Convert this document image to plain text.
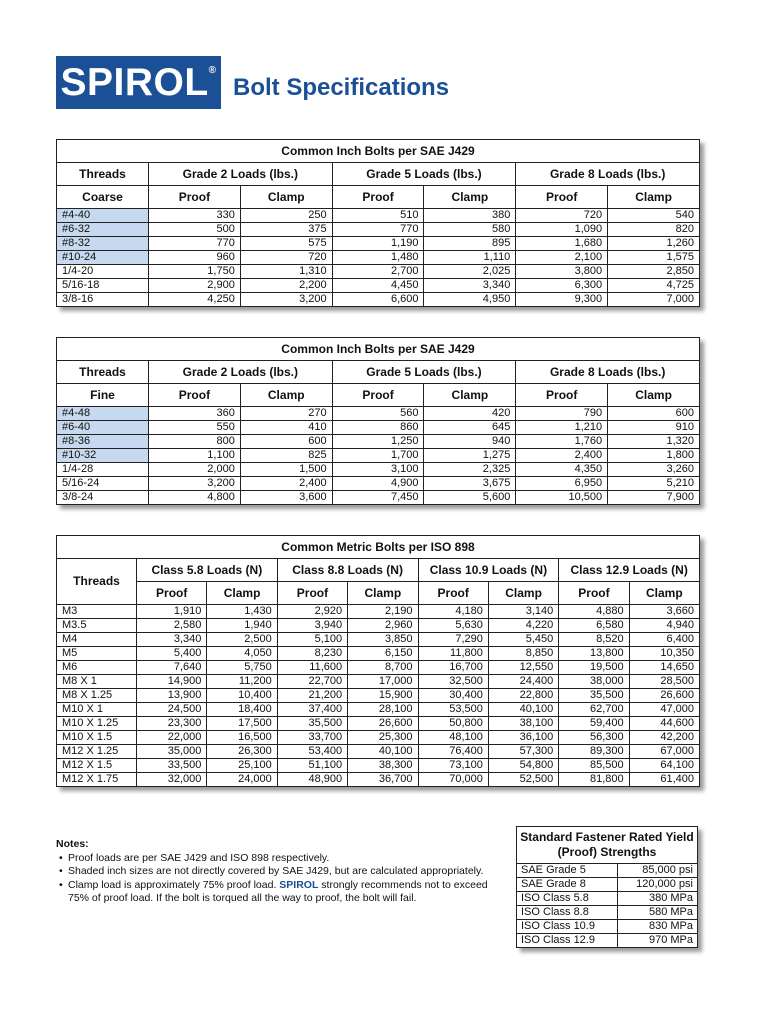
SPIROL®
Bolt Specifications
Common Inch Bolts per SAE J429						
Threads	Grade 2 Loads (lbs.)		Grade 5 Loads (lbs.)		Grade 8 Loads (lbs.)	
Coarse	Proof	Clamp	Proof	Clamp	Proof	Clamp
#4-40	330	250	510	380	720	540
#6-32	500	375	770	580	1,090	820
#8-32	770	575	1,190	895	1,680	1,260
#10-24	960	720	1,480	1,110	2,100	1,575
1/4-20	1,750	1,310	2,700	2,025	3,800	2,850
5/16-18	2,900	2,200	4,450	3,340	6,300	4,725
3/8-16	4,250	3,200	6,600	4,950	9,300	7,000
Common Inch Bolts per SAE J429						
Threads	Grade 2 Loads (lbs.)		Grade 5 Loads (lbs.)		Grade 8 Loads (lbs.)	
Fine	Proof	Clamp	Proof	Clamp	Proof	Clamp
#4-48	360	270	560	420	790	600
#6-40	550	410	860	645	1,210	910
#8-36	800	600	1,250	940	1,760	1,320
#10-32	1,100	825	1,700	1,275	2,400	1,800
1/4-28	2,000	1,500	3,100	2,325	4,350	3,260
5/16-24	3,200	2,400	4,900	3,675	6,950	5,210
3/8-24	4,800	3,600	7,450	5,600	10,500	7,900
Common Metric Bolts per ISO 898								
Threads	Class 5.8 Loads (N)		Class 8.8 Loads (N)		Class 10.9 Loads (N)		Class 12.9 Loads (N)	
	Proof	Clamp	Proof	Clamp	Proof	Clamp	Proof	Clamp
M3	1,910	1,430	2,920	2,190	4,180	3,140	4,880	3,660
M3.5	2,580	1,940	3,940	2,960	5,630	4,220	6,580	4,940
M4	3,340	2,500	5,100	3,850	7,290	5,450	8,520	6,400
M5	5,400	4,050	8,230	6,150	11,800	8,850	13,800	10,350
M6	7,640	5,750	11,600	8,700	16,700	12,550	19,500	14,650
M8 X 1	14,900	11,200	22,700	17,000	32,500	24,400	38,000	28,500
M8 X 1.25	13,900	10,400	21,200	15,900	30,400	22,800	35,500	26,600
M10 X 1	24,500	18,400	37,400	28,100	53,500	40,100	62,700	47,000
M10 X 1.25	23,300	17,500	35,500	26,600	50,800	38,100	59,400	44,600
M10 X 1.5	22,000	16,500	33,700	25,300	48,100	36,100	56,300	42,200
M12 X 1.25	35,000	26,300	53,400	40,100	76,400	57,300	89,300	67,000
M12 X 1.5	33,500	25,100	51,100	38,300	73,100	54,800	85,500	64,100
M12 X 1.75	32,000	24,000	48,900	36,700	70,000	52,500	81,800	61,400
Notes:
• Proof loads are per SAE J429 and ISO 898 respectively.
• Shaded inch sizes are not directly covered by SAE J429, but are calculated appropriately.
• Clamp load is approximately 75% proof load. SPIROL strongly recommends not to exceed 75% of proof load. If the bolt is torqued all the way to proof, the bolt will fail.
Standard Fastener Rated Yield (Proof) Strengths	
SAE Grade 5	85,000 psi
SAE Grade 8	120,000 psi
ISO Class 5.8	380 MPa
ISO Class 8.8	580 MPa
ISO Class 10.9	830 MPa
ISO Class 12.9	970 MPa
